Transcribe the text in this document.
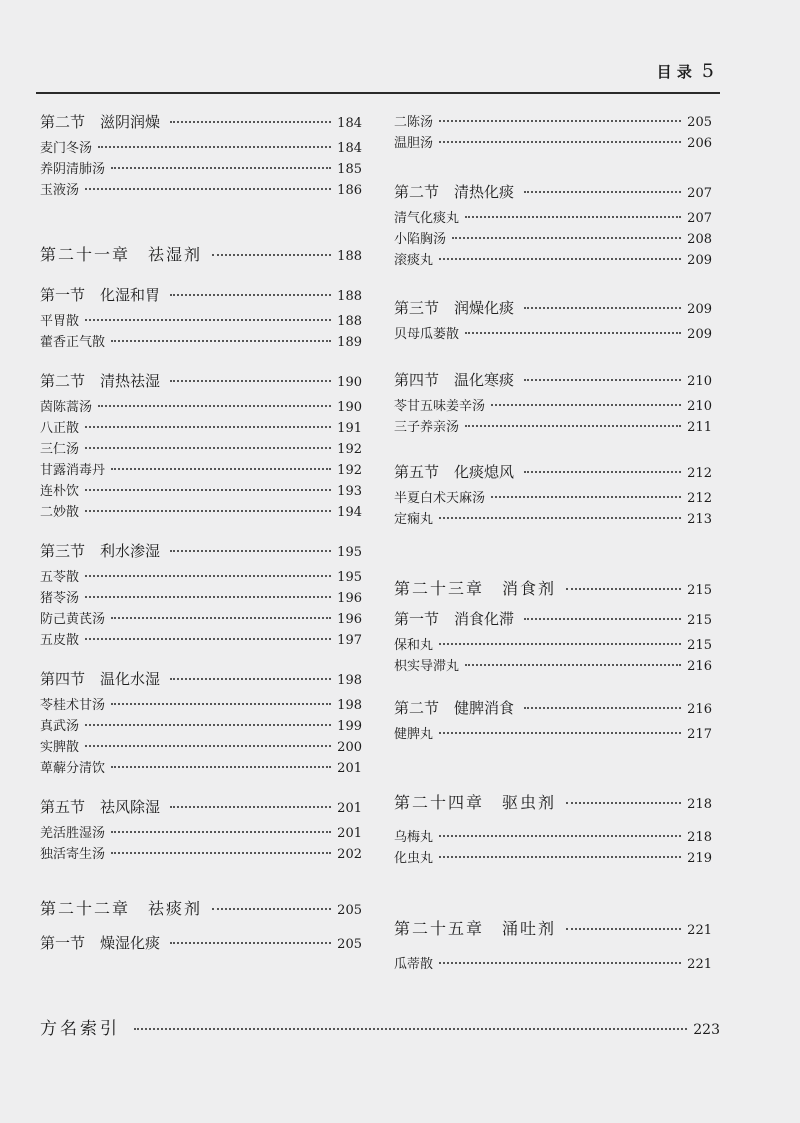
目 录 5
第二节　滋阴润燥	184
麦门冬汤	184
养阴清肺汤	185
玉液汤	186
第二十一章　祛湿剂	188
第一节　化湿和胃	188
平胃散	188
藿香正气散	189
第二节　清热祛湿	190
茵陈蒿汤	190
八正散	191
三仁汤	192
甘露消毒丹	192
连朴饮	193
二妙散	194
第三节　利水渗湿	195
五苓散	195
猪苓汤	196
防己黄芪汤	196
五皮散	197
第四节　温化水湿	198
苓桂术甘汤	198
真武汤	199
实脾散	200
萆薢分清饮	201
第五节　祛风除湿	201
羌活胜湿汤	201
独活寄生汤	202
第二十二章　祛痰剂	205
第一节　燥湿化痰	205
二陈汤	205
温胆汤	206
第二节　清热化痰	207
清气化痰丸	207
小陷胸汤	208
滚痰丸	209
第三节　润燥化痰	209
贝母瓜蒌散	209
第四节　温化寒痰	210
苓甘五味姜辛汤	210
三子养亲汤	211
第五节　化痰熄风	212
半夏白术天麻汤	212
定痫丸	213
第二十三章　消食剂	215
第一节　消食化滞	215
保和丸	215
枳实导滞丸	216
第二节　健脾消食	216
健脾丸	217
第二十四章　驱虫剂	218
乌梅丸	218
化虫丸	219
第二十五章　涌吐剂	221
瓜蒂散	221
方名索引	223
